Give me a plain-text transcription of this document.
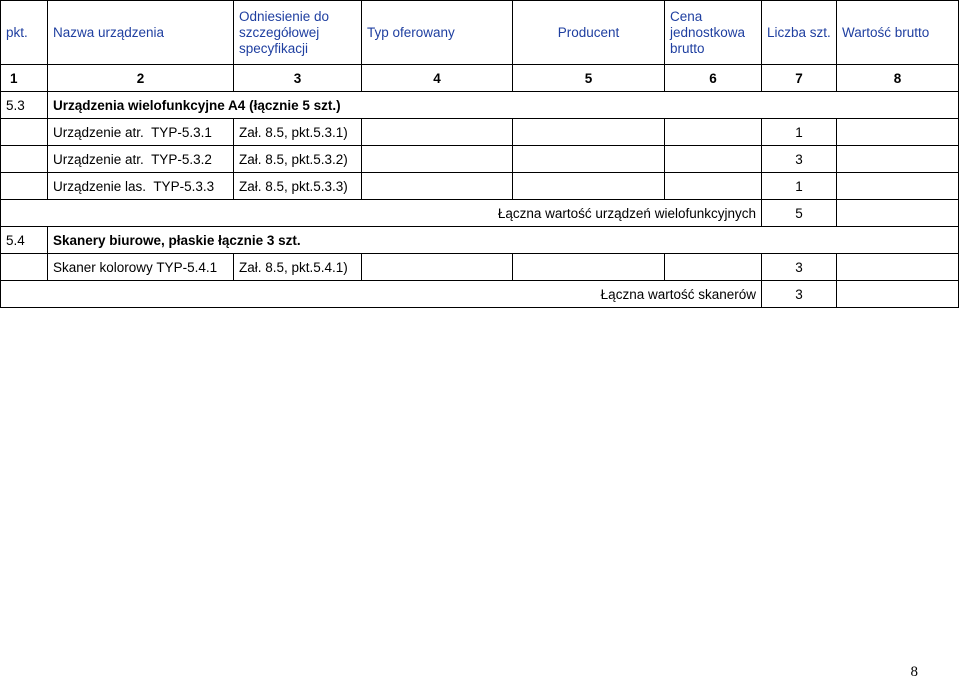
pkt.	Nazwa urządzenia	Odniesienie do szczegółowej specyfikacji	Typ oferowany	Producent	Cena jednostkowa brutto	Liczba szt.	Wartość brutto
1	2	3	4	5	6	7	8
5.3	Urządzenia wielofunkcyjne A4 (łącznie 5 szt.)						
	Urządzenie atr. TYP-5.3.1	Zał. 8.5, pkt.5.3.1)				1	
	Urządzenie atr. TYP-5.3.2	Zał. 8.5, pkt.5.3.2)				3	
	Urządzenie las. TYP-5.3.3	Zał. 8.5, pkt.5.3.3)				1	
Łączna wartość urządzeń wielofunkcyjnych						5	
5.4	Skanery biurowe, płaskie łącznie 3 szt.						
	Skaner kolorowy TYP-5.4.1	Zał. 8.5, pkt.5.4.1)				3	
Łączna wartość skanerów						3	
8
